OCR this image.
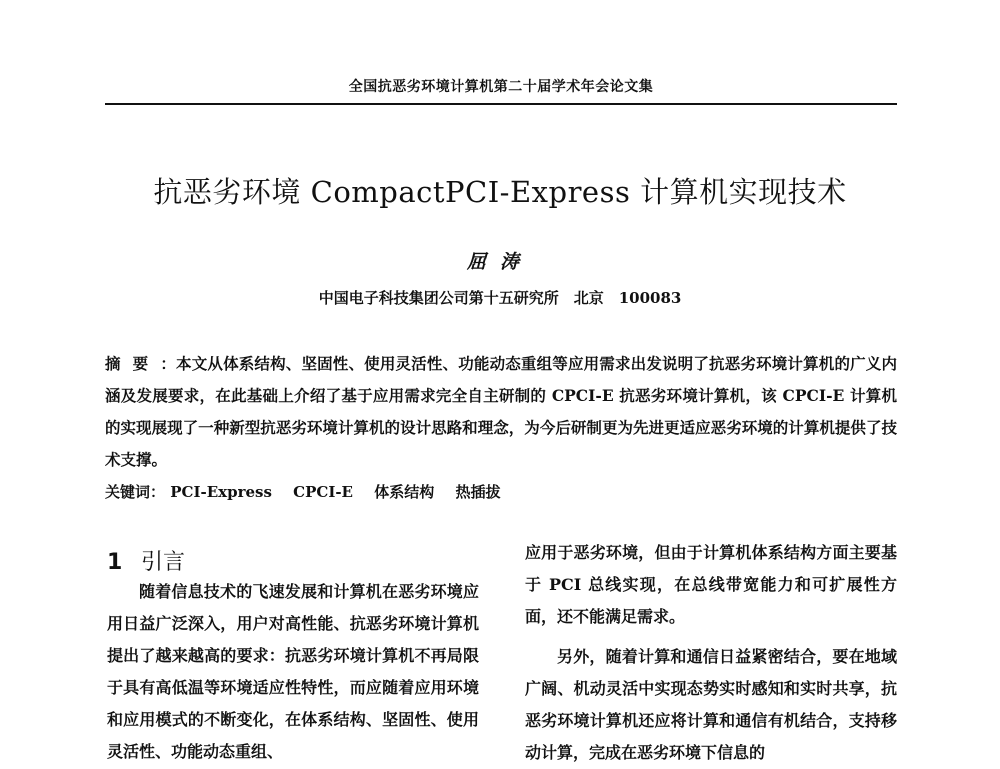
全国抗恶劣环境计算机第二十届学术年会论文集
抗恶劣环境 CompactPCI-Express 计算机实现技术
屈涛
中国电子科技集团公司第十五研究所　北京　100083
摘要：本文从体系结构、坚固性、使用灵活性、功能动态重组等应用需求出发说明了抗恶劣环境计算机的广义内涵及发展要求，在此基础上介绍了基于应用需求完全自主研制的 CPCI-E 抗恶劣环境计算机，该 CPCI-E 计算机的实现展现了一种新型抗恶劣环境计算机的设计思路和理念，为今后研制更为先进更适应恶劣环境的计算机提供了技术支撑。
关键词： PCI-Express CPCI-E 体系结构 热插拔
1 引言

随着信息技术的飞速发展和计算机在恶劣环境应用日益广泛深入，用户对高性能、抗恶劣环境计算机提出了越来越高的要求：抗恶劣环境计算机不再局限于具有高低温等环境适应性特性，而应随着应用环境和应用模式的不断变化，在体系结构、坚固性、使用灵活性、功能动态重组、

应用于恶劣环境，但由于计算机体系结构方面主要基于 PCI 总线实现，在总线带宽能力和可扩展性方面，还不能满足需求。

另外，随着计算和通信日益紧密结合，要在地域广阔、机动灵活中实现态势实时感知和实时共享，抗恶劣环境计算机还应将计算和通信有机结合，支持移动计算，完成在恶劣环境下信息的
